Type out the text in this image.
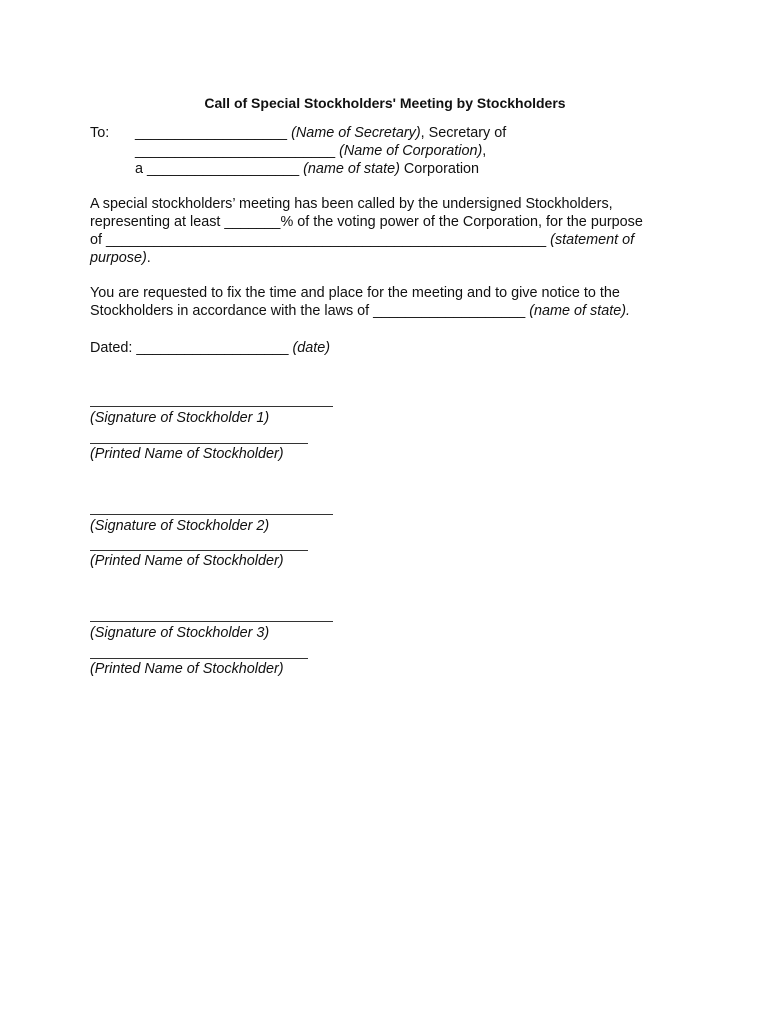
Call of Special Stockholders' Meeting by Stockholders
To: ___________________ (Name of Secretary), Secretary of
_________________________ (Name of Corporation),
a ___________________ (name of state) Corporation
A special stockholders’ meeting has been called by the undersigned Stockholders,
representing at least _______% of the voting power of the Corporation, for the purpose
of _______________________________________________________ (statement of
purpose).
You are requested to fix the time and place for the meeting and to give notice to the
Stockholders in accordance with the laws of ___________________ (name of state).
Dated: ___________________ (date)
(Signature of Stockholder 1)
(Printed Name of Stockholder)
(Signature of Stockholder 2)
(Printed Name of Stockholder)
(Signature of Stockholder 3)
(Printed Name of Stockholder)
